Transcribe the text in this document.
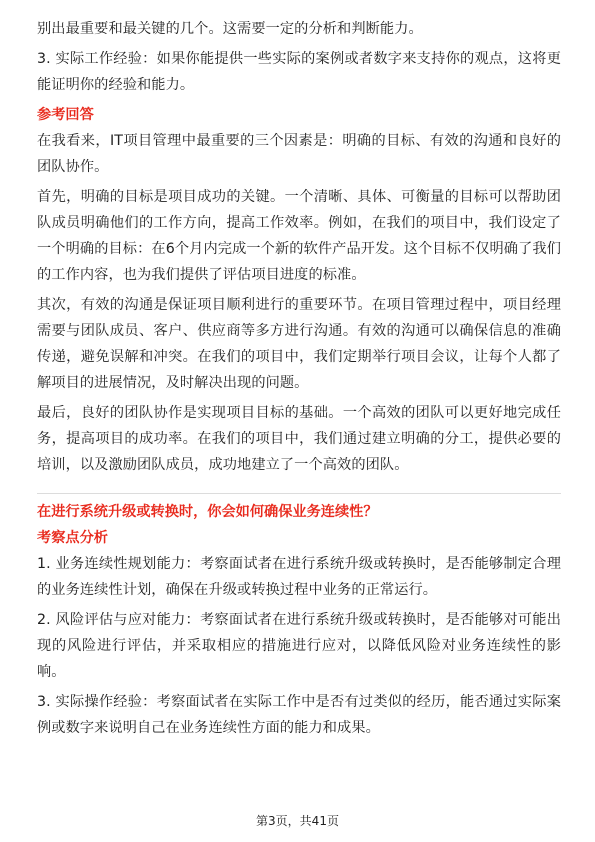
别出最重要和最关键的几个。这需要一定的分析和判断能力。

3. 实际工作经验：如果你能提供一些实际的案例或者数字来支持你的观点，这将更能证明你的经验和能力。

参考回答

在我看来，IT项目管理中最重要的三个因素是：明确的目标、有效的沟通和良好的团队协作。

首先，明确的目标是项目成功的关键。一个清晰、具体、可衡量的目标可以帮助团队成员明确他们的工作方向，提高工作效率。例如，在我们的项目中，我们设定了一个明确的目标：在6个月内完成一个新的软件产品开发。这个目标不仅明确了我们的工作内容，也为我们提供了评估项目进度的标准。

其次，有效的沟通是保证项目顺利进行的重要环节。在项目管理过程中，项目经理需要与团队成员、客户、供应商等多方进行沟通。有效的沟通可以确保信息的准确传递，避免误解和冲突。在我们的项目中，我们定期举行项目会议，让每个人都了解项目的进展情况，及时解决出现的问题。

最后，良好的团队协作是实现项目目标的基础。一个高效的团队可以更好地完成任务，提高项目的成功率。在我们的项目中，我们通过建立明确的分工，提供必要的培训，以及激励团队成员，成功地建立了一个高效的团队。

在进行系统升级或转换时，你会如何确保业务连续性？
考察点分析

1. 业务连续性规划能力：考察面试者在进行系统升级或转换时，是否能够制定合理的业务连续性计划，确保在升级或转换过程中业务的正常运行。

2. 风险评估与应对能力：考察面试者在进行系统升级或转换时，是否能够对可能出现的风险进行评估，并采取相应的措施进行应对，以降低风险对业务连续性的影响。

3. 实际操作经验：考察面试者在实际工作中是否有过类似的经历，能否通过实际案例或数字来说明自己在业务连续性方面的能力和成果。

第3页，共41页
